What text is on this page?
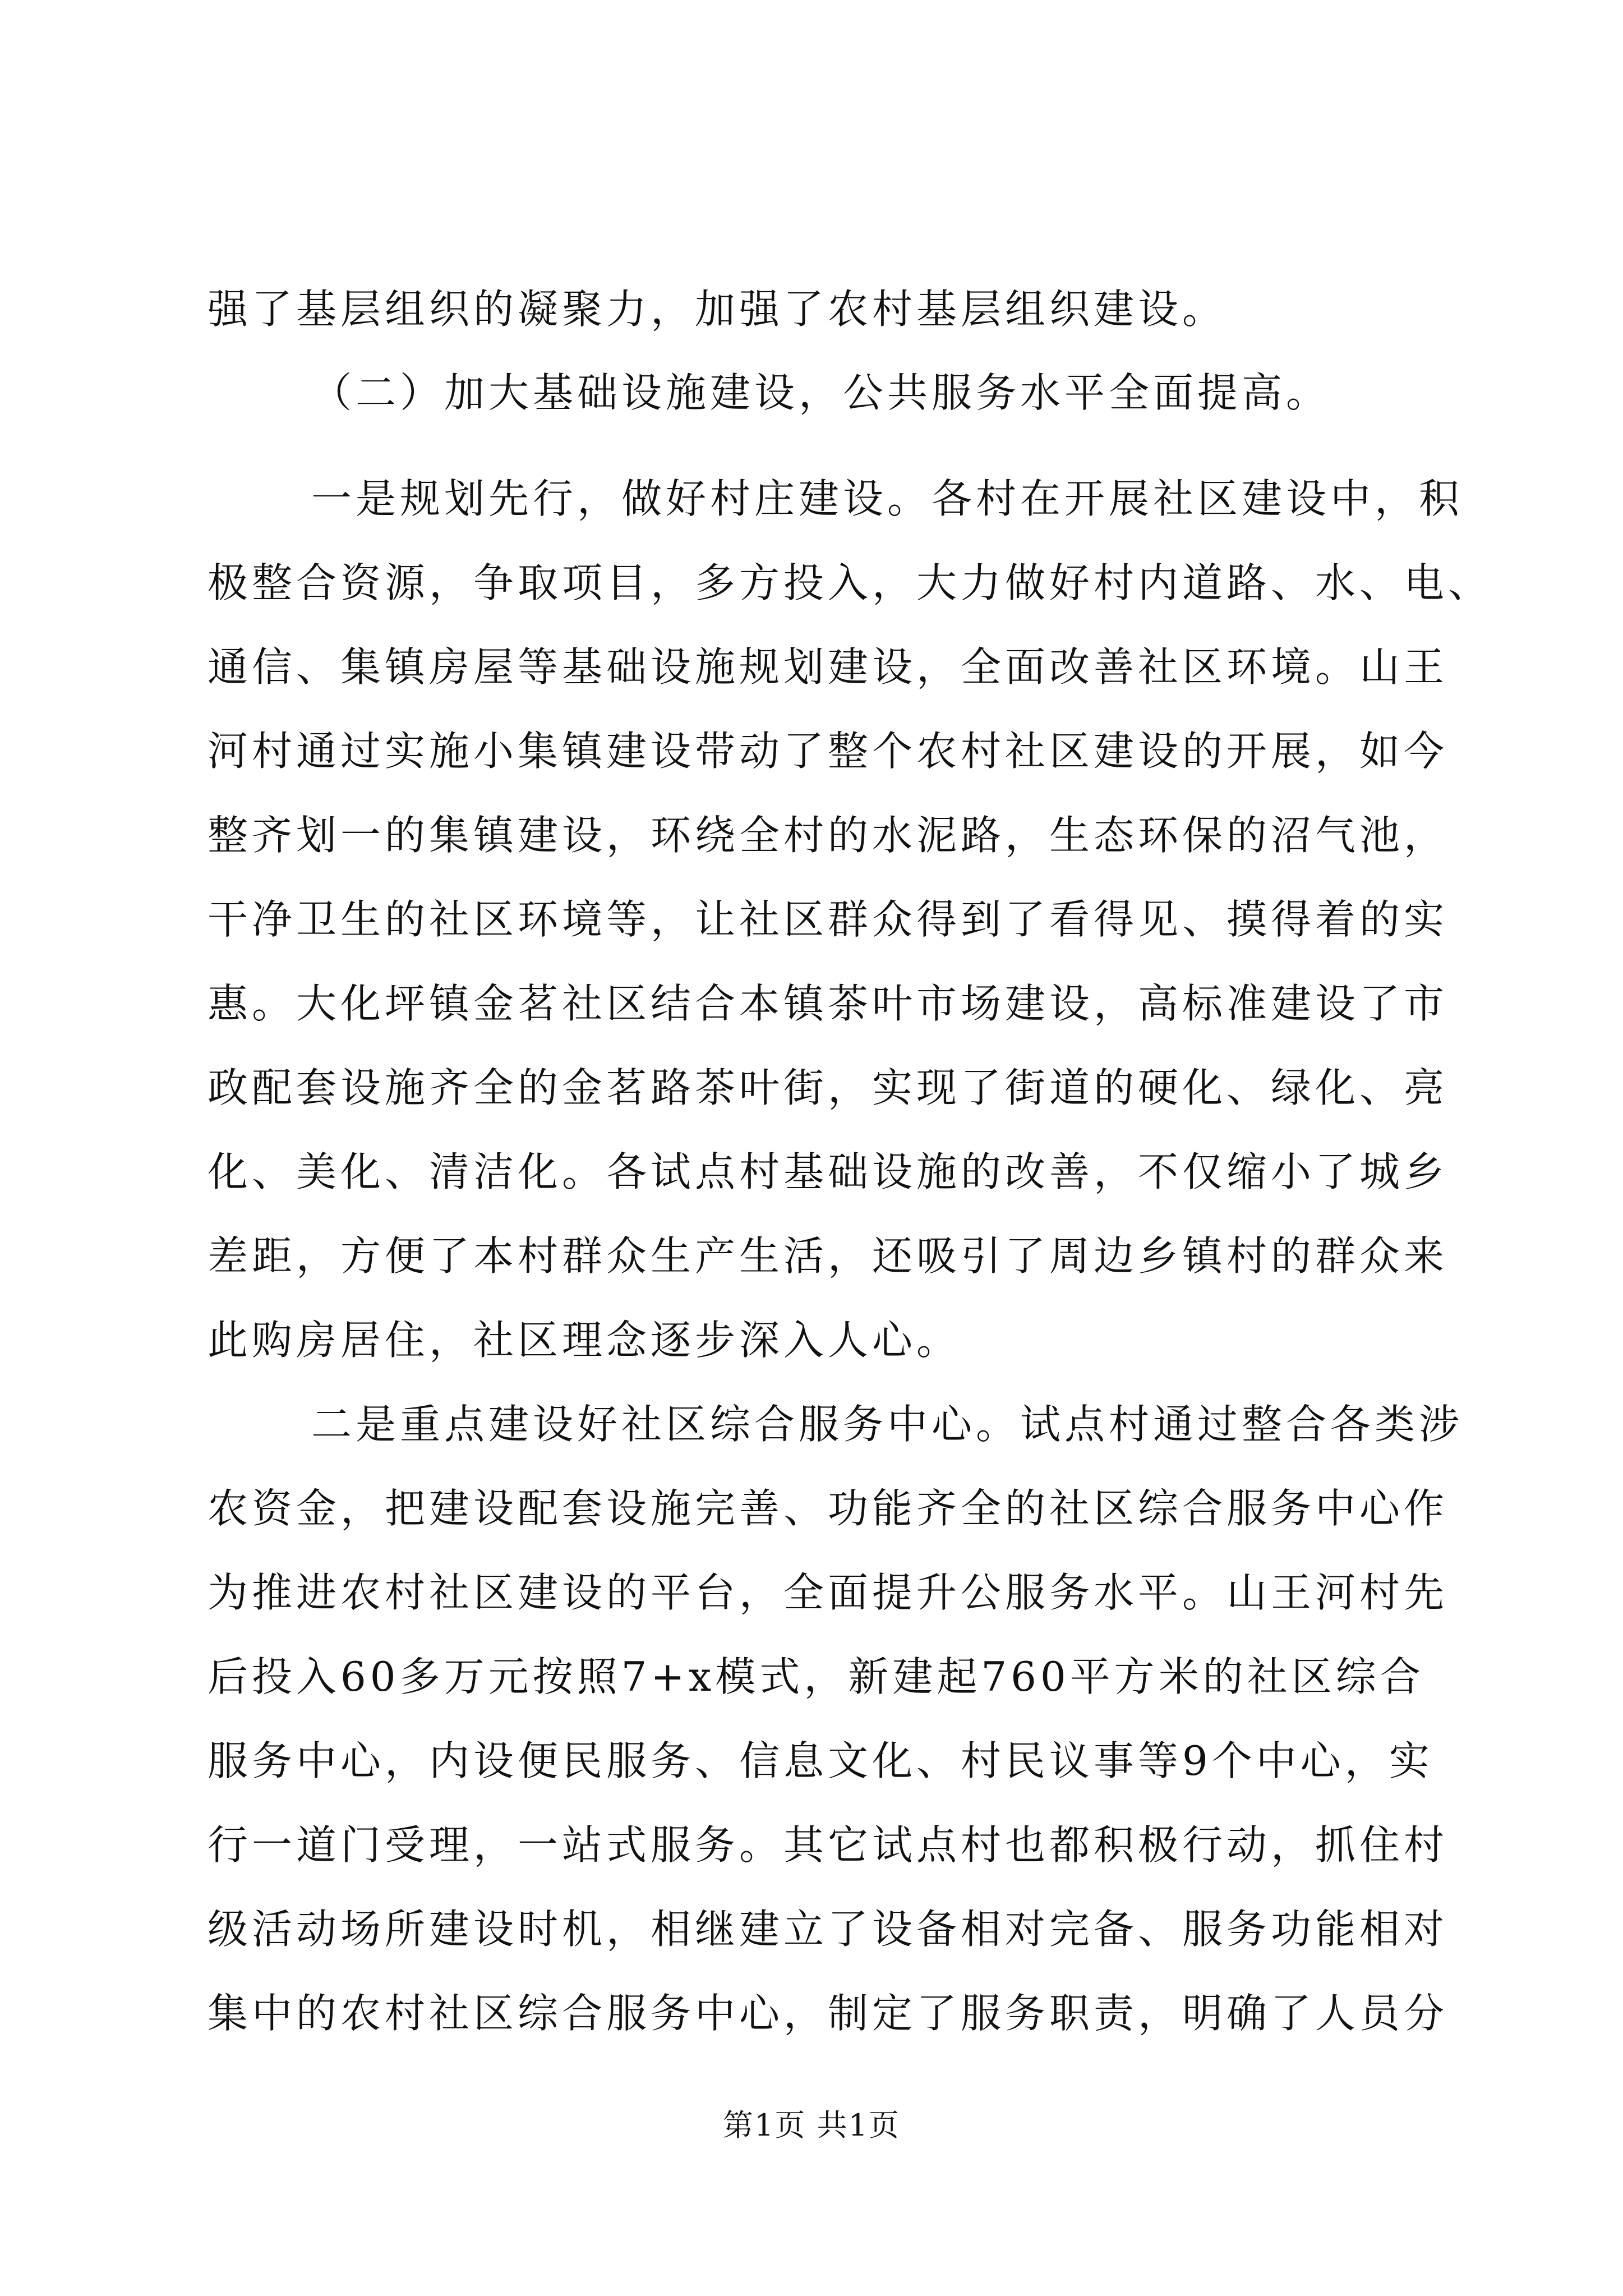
强了基层组织的凝聚力，加强了农村基层组织建设。
（二）加大基础设施建设，公共服务水平全面提高。
一是规划先行，做好村庄建设。各村在开展社区建设中，积
极整合资源，争取项目，多方投入，大力做好村内道路、水、电、
通信、集镇房屋等基础设施规划建设，全面改善社区环境。山王
河村通过实施小集镇建设带动了整个农村社区建设的开展，如今
整齐划一的集镇建设，环绕全村的水泥路，生态环保的沼气池，
干净卫生的社区环境等，让社区群众得到了看得见、摸得着的实
惠。大化坪镇金茗社区结合本镇茶叶市场建设，高标准建设了市
政配套设施齐全的金茗路茶叶街，实现了街道的硬化、绿化、亮
化、美化、清洁化。各试点村基础设施的改善，不仅缩小了城乡
差距，方便了本村群众生产生活，还吸引了周边乡镇村的群众来
此购房居住，社区理念逐步深入人心。
二是重点建设好社区综合服务中心。试点村通过整合各类涉
农资金，把建设配套设施完善、功能齐全的社区综合服务中心作
为推进农村社区建设的平台，全面提升公服务水平。山王河村先
后投入60多万元按照7+x模式，新建起760平方米的社区综合
服务中心，内设便民服务、信息文化、村民议事等9个中心，实
行一道门受理，一站式服务。其它试点村也都积极行动，抓住村
级活动场所建设时机，相继建立了设备相对完备、服务功能相对
集中的农村社区综合服务中心，制定了服务职责，明确了人员分
第1页 共1页
